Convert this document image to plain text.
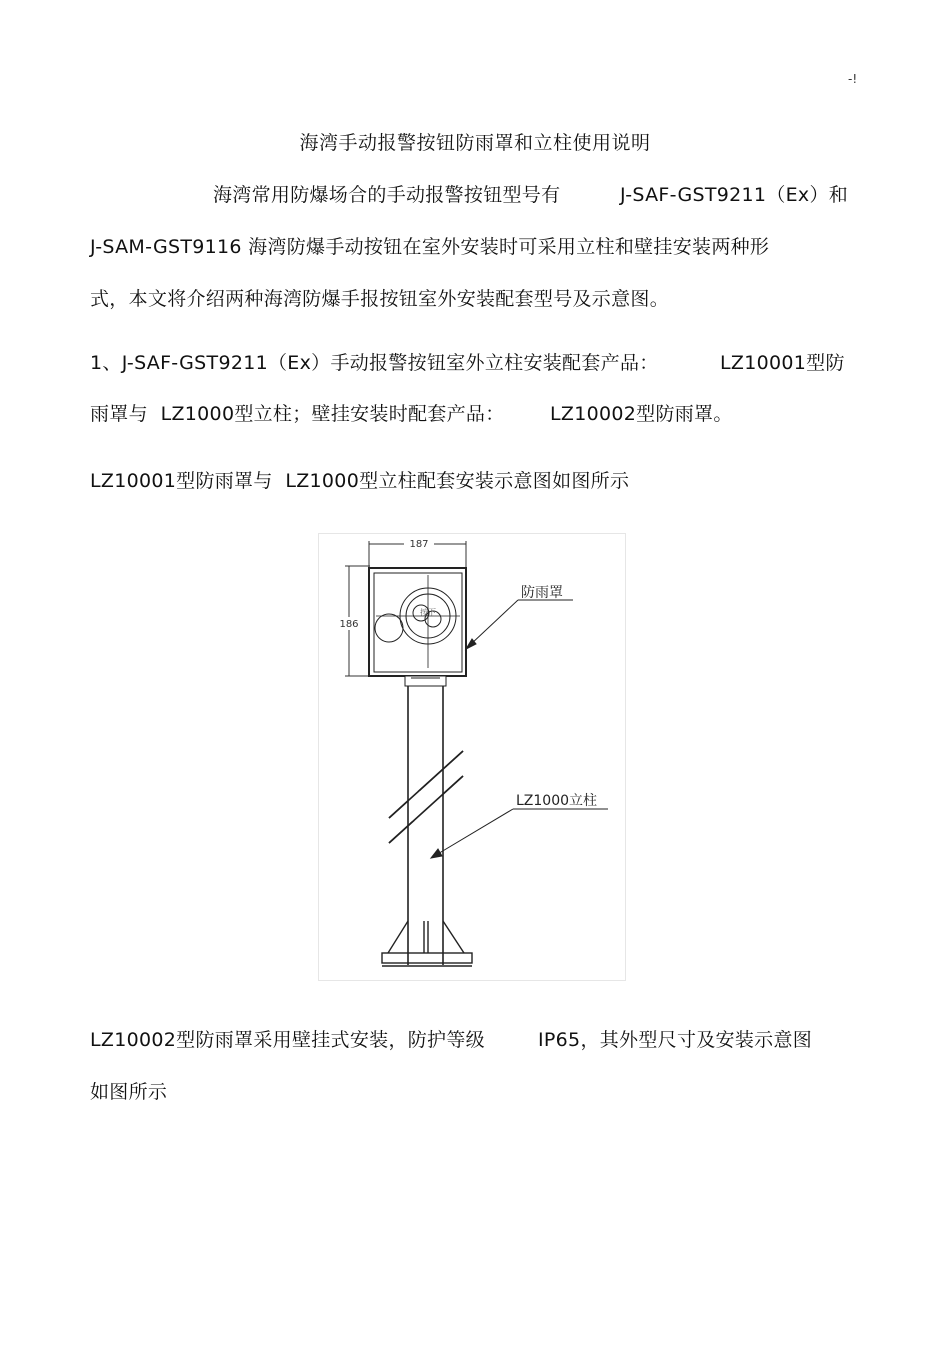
-!
海湾手动报警按钮防雨罩和立柱使用说明
海湾常用防爆场合的手动报警按钮型号有	J-SAF-GST9211（Ex）和
J-SAM-GST9116 海湾防爆手动按钮在室外安装时可采用立柱和壁挂安装两种形
式，本文将介绍两种海湾防爆手报按钮室外安装配套型号及示意图。
1、J-SAF-GST9211（Ex）手动报警按钮室外立柱安装配套产品：	LZ10001型防
雨罩与  LZ1000型立柱；壁挂安装时配套产品： LZ10002型防雨罩。
LZ10001型防雨罩与  LZ1000型立柱配套安装示意图如图所示
187
186
按下
防雨罩
LZ1000立柱
LZ10002型防雨罩采用壁挂式安装，防护等级	IP65，其外型尺寸及安装示意图
如图所示
